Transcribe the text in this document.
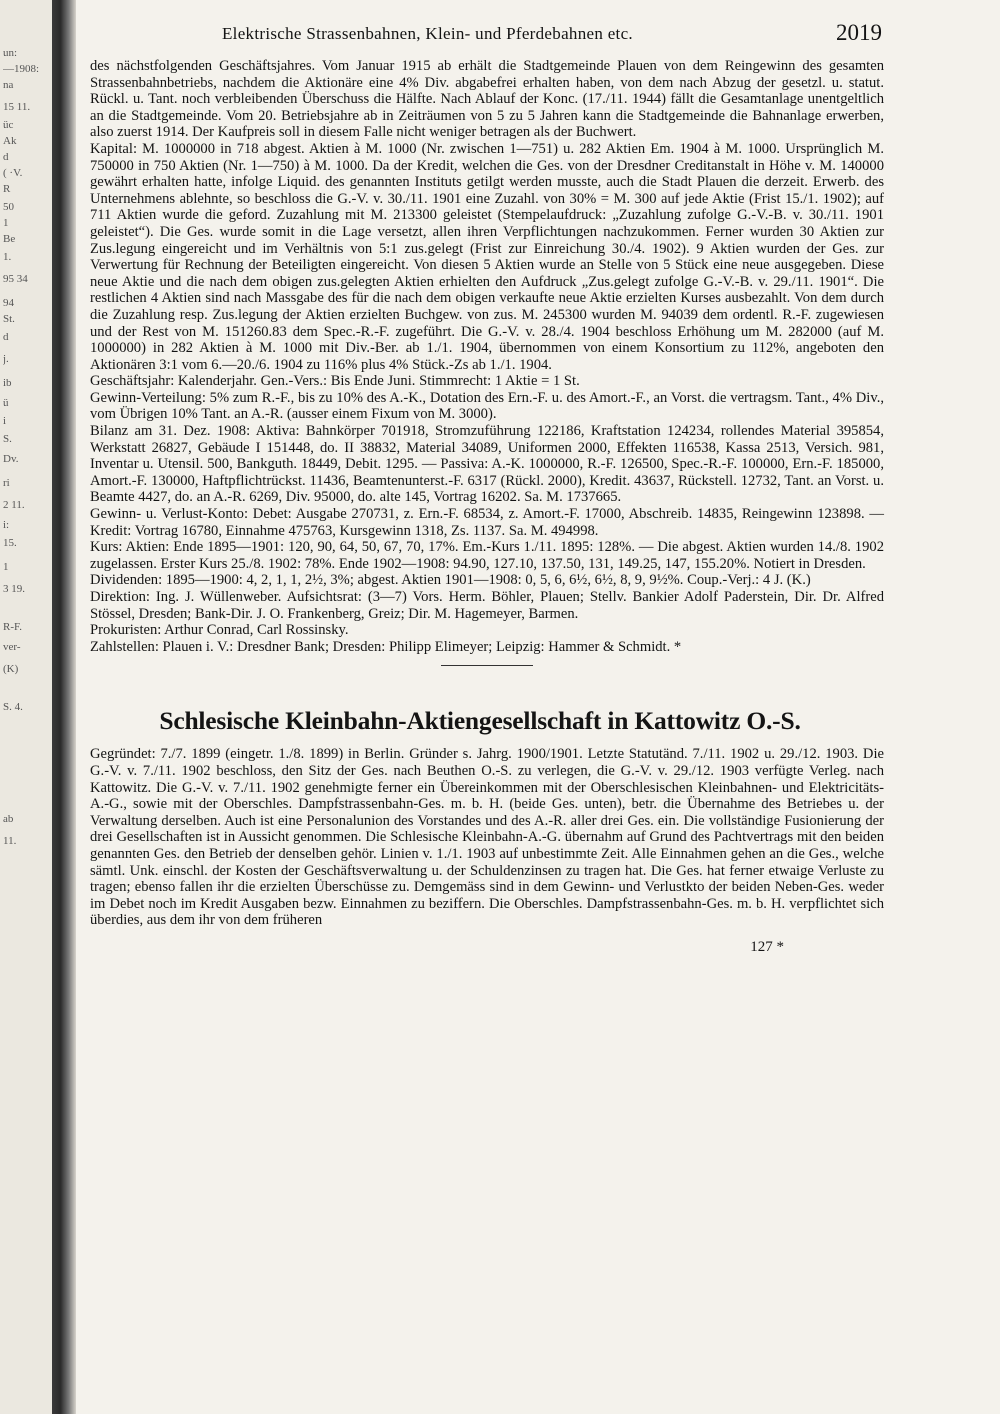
un:
—1908:
na
15 11.
üc
Ak
d
( ·V.
R
50
1
Be
1.
95 34
94
St.
d
j.
ib
ü
i
S.
Dv.
ri
2 11.
i:
15.
1
3 19.
R-F.
ver-
(K)
S. 4.
ab
11.
Elektrische Strassenbahnen, Klein- und Pferdebahnen etc.	2019

des nächstfolgenden Geschäftsjahres. Vom Januar 1915 ab erhält die Stadtgemeinde Plauen von dem Reingewinn des gesamten Strassenbahnbetriebs, nachdem die Aktionäre eine 4% Div. abgabefrei erhalten haben, von dem nach Abzug der gesetzl. u. statut. Rückl. u. Tant. noch verbleibenden Überschuss die Hälfte. Nach Ablauf der Konc. (17./11. 1944) fällt die Gesamtanlage unentgeltlich an die Stadtgemeinde. Vom 20. Betriebsjahre ab in Zeiträumen von 5 zu 5 Jahren kann die Stadtgemeinde die Bahnanlage erwerben, also zuerst 1914. Der Kaufpreis soll in diesem Falle nicht weniger betragen als der Buchwert.

Kapital: M. 1000000 in 718 abgest. Aktien à M. 1000 (Nr. zwischen 1—751) u. 282 Aktien Em. 1904 à M. 1000. Ursprünglich M. 750000 in 750 Aktien (Nr. 1—750) à M. 1000. Da der Kredit, welchen die Ges. von der Dresdner Creditanstalt in Höhe v. M. 140000 gewährt erhalten hatte, infolge Liquid. des genannten Instituts getilgt werden musste, auch die Stadt Plauen die derzeit. Erwerb. des Unternehmens ablehnte, so beschloss die G.-V. v. 30./11. 1901 eine Zuzahl. von 30% = M. 300 auf jede Aktie (Frist 15./1. 1902); auf 711 Aktien wurde die geford. Zuzahlung mit M. 213300 geleistet (Stempelaufdruck: „Zuzahlung zufolge G.-V.-B. v. 30./11. 1901 geleistet“). Die Ges. wurde somit in die Lage versetzt, allen ihren Verpflichtungen nachzukommen. Ferner wurden 30 Aktien zur Zus.legung eingereicht und im Verhältnis von 5:1 zus.gelegt (Frist zur Einreichung 30./4. 1902). 9 Aktien wurden der Ges. zur Verwertung für Rechnung der Beteiligten eingereicht. Von diesen 5 Aktien wurde an Stelle von 5 Stück eine neue ausgegeben. Diese neue Aktie und die nach dem obigen zus.gelegten Aktien erhielten den Aufdruck „Zus.gelegt zufolge G.-V.-B. v. 29./11. 1901“. Die restlichen 4 Aktien sind nach Massgabe des für die nach dem obigen verkaufte neue Aktie erzielten Kurses ausbezahlt. Von dem durch die Zuzahlung resp. Zus.legung der Aktien erzielten Buchgew. von zus. M. 245300 wurden M. 94039 dem ordentl. R.-F. zugewiesen und der Rest von M. 151260.83 dem Spec.-R.-F. zugeführt. Die G.-V. v. 28./4. 1904 beschloss Erhöhung um M. 282000 (auf M. 1000000) in 282 Aktien à M. 1000 mit Div.-Ber. ab 1./1. 1904, übernommen von einem Konsortium zu 112%, angeboten den Aktionären 3:1 vom 6.—20./6. 1904 zu 116% plus 4% Stück.-Zs ab 1./1. 1904.

Geschäftsjahr: Kalenderjahr. Gen.-Vers.: Bis Ende Juni. Stimmrecht: 1 Aktie = 1 St.

Gewinn-Verteilung: 5% zum R.-F., bis zu 10% des A.-K., Dotation des Ern.-F. u. des Amort.-F., an Vorst. die vertragsm. Tant., 4% Div., vom Übrigen 10% Tant. an A.-R. (ausser einem Fixum von M. 3000).

Bilanz am 31. Dez. 1908: Aktiva: Bahnkörper 701918, Stromzuführung 122186, Kraftstation 124234, rollendes Material 395854, Werkstatt 26827, Gebäude I 151448, do. II 38832, Material 34089, Uniformen 2000, Effekten 116538, Kassa 2513, Versich. 981, Inventar u. Utensil. 500, Bankguth. 18449, Debit. 1295. — Passiva: A.-K. 1000000, R.-F. 126500, Spec.-R.-F. 100000, Ern.-F. 185000, Amort.-F. 130000, Haftpflichtrückst. 11436, Beamtenunterst.-F. 6317 (Rückl. 2000), Kredit. 43637, Rückstell. 12732, Tant. an Vorst. u. Beamte 4427, do. an A.-R. 6269, Div. 95000, do. alte 145, Vortrag 16202. Sa. M. 1737665.

Gewinn- u. Verlust-Konto: Debet: Ausgabe 270731, z. Ern.-F. 68534, z. Amort.-F. 17000, Abschreib. 14835, Reingewinn 123898. — Kredit: Vortrag 16780, Einnahme 475763, Kursgewinn 1318, Zs. 1137. Sa. M. 494998.

Kurs: Aktien: Ende 1895—1901: 120, 90, 64, 50, 67, 70, 17%. Em.-Kurs 1./11. 1895: 128%. — Die abgest. Aktien wurden 14./8. 1902 zugelassen. Erster Kurs 25./8. 1902: 78%. Ende 1902—1908: 94.90, 127.10, 137.50, 131, 149.25, 147, 155.20%. Notiert in Dresden.

Dividenden: 1895—1900: 4, 2, 1, 1, 2½, 3%; abgest. Aktien 1901—1908: 0, 5, 6, 6½, 6½, 8, 9, 9½%. Coup.-Verj.: 4 J. (K.)

Direktion: Ing. J. Wüllenweber. Aufsichtsrat: (3—7) Vors. Herm. Böhler, Plauen; Stellv. Bankier Adolf Paderstein, Dir. Dr. Alfred Stössel, Dresden; Bank-Dir. J. O. Frankenberg, Greiz; Dir. M. Hagemeyer, Barmen.

Prokuristen: Arthur Conrad, Carl Rossinsky.

Zahlstellen: Plauen i. V.: Dresdner Bank; Dresden: Philipp Elimeyer; Leipzig: Hammer & Schmidt. *

Schlesische Kleinbahn-Aktiengesellschaft in Kattowitz O.-S.

Gegründet: 7./7. 1899 (eingetr. 1./8. 1899) in Berlin. Gründer s. Jahrg. 1900/1901. Letzte Statutänd. 7./11. 1902 u. 29./12. 1903. Die G.-V. v. 7./11. 1902 beschloss, den Sitz der Ges. nach Beuthen O.-S. zu verlegen, die G.-V. v. 29./12. 1903 verfügte Verleg. nach Kattowitz. Die G.-V. v. 7./11. 1902 genehmigte ferner ein Übereinkommen mit der Oberschlesischen Kleinbahnen- und Elektricitäts-A.-G., sowie mit der Oberschles. Dampfstrassenbahn-Ges. m. b. H. (beide Ges. unten), betr. die Übernahme des Betriebes u. der Verwaltung derselben. Auch ist eine Personalunion des Vorstandes und des A.-R. aller drei Ges. ein. Die vollständige Fusionierung der drei Gesellschaften ist in Aussicht genommen. Die Schlesische Kleinbahn-A.-G. übernahm auf Grund des Pachtvertrags mit den beiden genannten Ges. den Betrieb der denselben gehör. Linien v. 1./1. 1903 auf unbestimmte Zeit. Alle Einnahmen gehen an die Ges., welche sämtl. Unk. einschl. der Kosten der Geschäftsverwaltung u. der Schuldenzinsen zu tragen hat. Die Ges. hat ferner etwaige Verluste zu tragen; ebenso fallen ihr die erzielten Überschüsse zu. Demgemäss sind in dem Gewinn- und Verlustkto der beiden Neben-Ges. weder im Debet noch im Kredit Ausgaben bezw. Einnahmen zu beziffern. Die Oberschles. Dampfstrassenbahn-Ges. m. b. H. verpflichtet sich überdies, aus dem ihr von dem früheren

127 *
